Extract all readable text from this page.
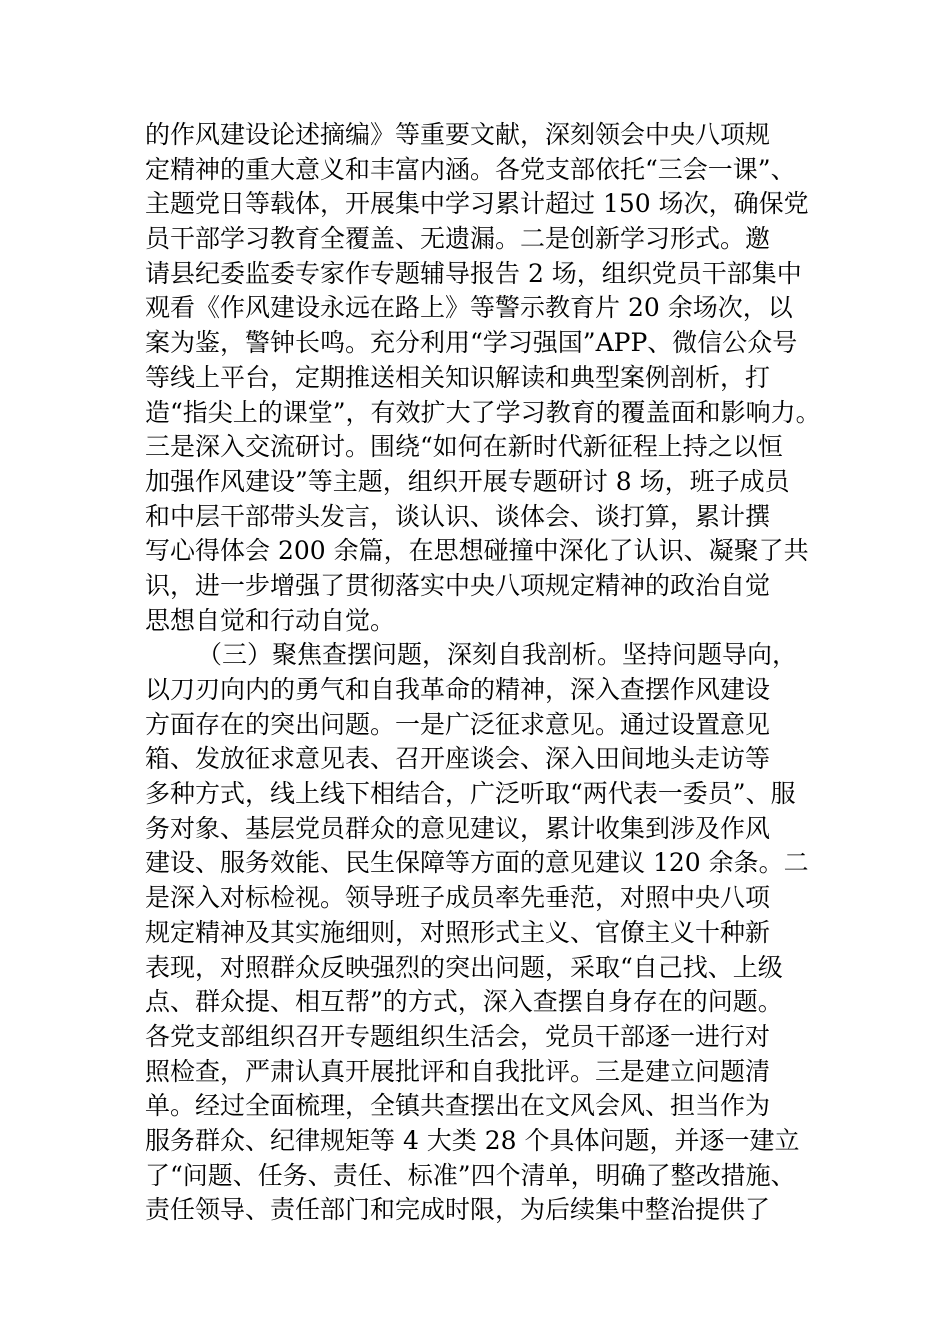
的作风建设论述摘编》等重要文献，深刻领会中央八项规
定精神的重大意义和丰富内涵。各党支部依托“三会一课”、
主题党日等载体，开展集中学习累计超过 150 场次，确保党
员干部学习教育全覆盖、无遗漏。二是创新学习形式。邀
请县纪委监委专家作专题辅导报告 2 场，组织党员干部集中
观看《作风建设永远在路上》等警示教育片 20 余场次，以
案为鉴，警钟长鸣。充分利用“学习强国”APP、微信公众号
等线上平台，定期推送相关知识解读和典型案例剖析，打
造“指尖上的课堂”，有效扩大了学习教育的覆盖面和影响力。
三是深入交流研讨。围绕“如何在新时代新征程上持之以恒
加强作风建设”等主题，组织开展专题研讨 8 场，班子成员
和中层干部带头发言，谈认识、谈体会、谈打算，累计撰
写心得体会 200 余篇，在思想碰撞中深化了认识、凝聚了共
识，进一步增强了贯彻落实中央八项规定精神的政治自觉
思想自觉和行动自觉。
（三）聚焦查摆问题，深刻自我剖析。坚持问题导向，
以刀刃向内的勇气和自我革命的精神，深入查摆作风建设
方面存在的突出问题。一是广泛征求意见。通过设置意见
箱、发放征求意见表、召开座谈会、深入田间地头走访等
多种方式，线上线下相结合，广泛听取“两代表一委员”、服
务对象、基层党员群众的意见建议，累计收集到涉及作风
建设、服务效能、民生保障等方面的意见建议 120 余条。二
是深入对标检视。领导班子成员率先垂范，对照中央八项
规定精神及其实施细则，对照形式主义、官僚主义十种新
表现，对照群众反映强烈的突出问题，采取“自己找、上级
点、群众提、相互帮”的方式，深入查摆自身存在的问题。
各党支部组织召开专题组织生活会，党员干部逐一进行对
照检查，严肃认真开展批评和自我批评。三是建立问题清
单。经过全面梳理，全镇共查摆出在文风会风、担当作为
服务群众、纪律规矩等 4 大类 28 个具体问题，并逐一建立
了“问题、任务、责任、标准”四个清单，明确了整改措施、
责任领导、责任部门和完成时限，为后续集中整治提供了
